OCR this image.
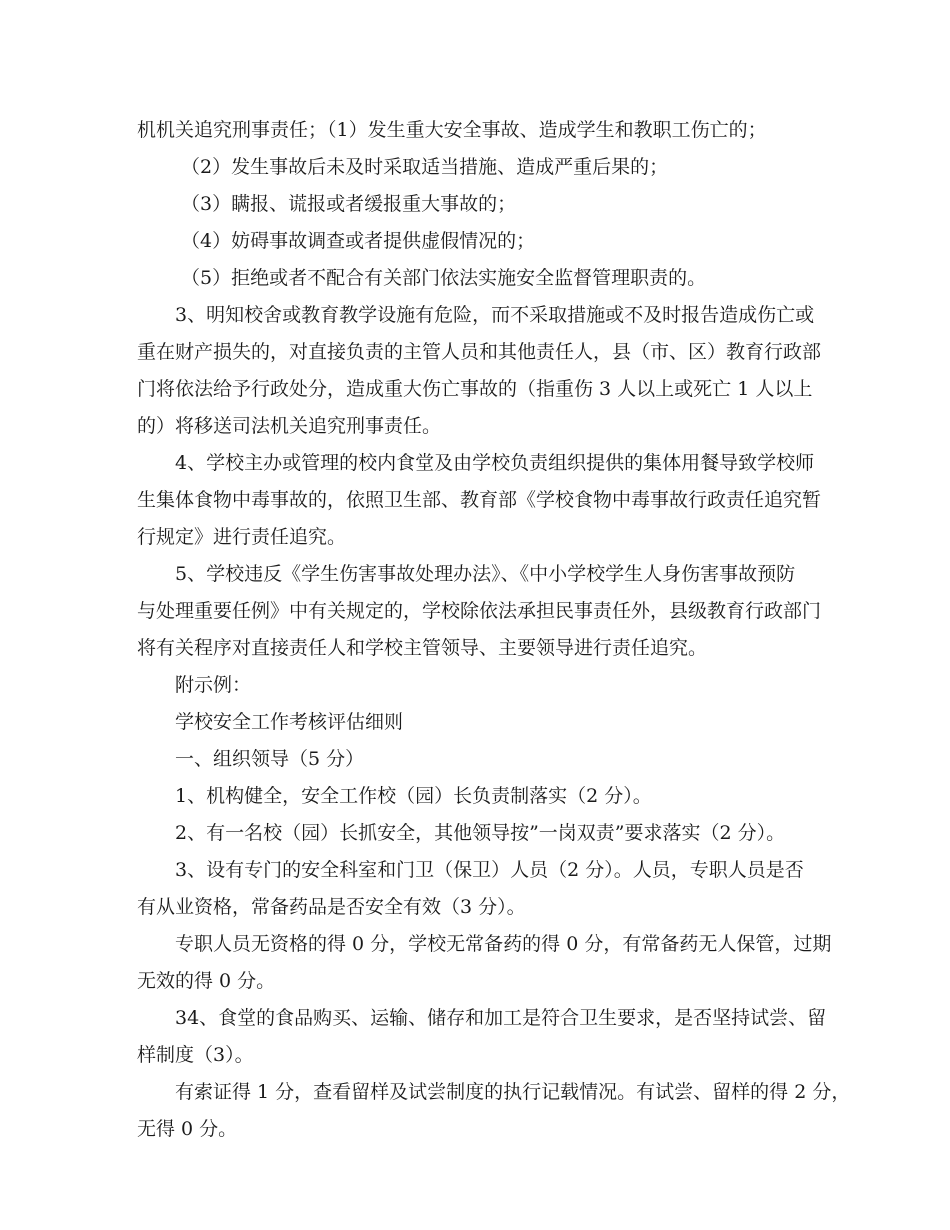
机机关追究刑事责任；（1）发生重大安全事故、造成学生和教职工伤亡的；

（2）发生事故后未及时采取适当措施、造成严重后果的；

（3）瞒报、谎报或者缓报重大事故的；

（4）妨碍事故调查或者提供虚假情况的；

（5）拒绝或者不配合有关部门依法实施安全监督管理职责的。

3、明知校舍或教育教学设施有危险，而不采取措施或不及时报告造成伤亡或

重在财产损失的，对直接负责的主管人员和其他责任人，县（市、区）教育行政部

门将依法给予行政处分，造成重大伤亡事故的（指重伤 3 人以上或死亡 1 人以上

的）将移送司法机关追究刑事责任。

4、学校主办或管理的校内食堂及由学校负责组织提供的集体用餐导致学校师

生集体食物中毒事故的，依照卫生部、教育部《学校食物中毒事故行政责任追究暂

行规定》进行责任追究。

5、学校违反《学生伤害事故处理办法》、《中小学校学生人身伤害事故预防

与处理重要任例》中有关规定的，学校除依法承担民事责任外，县级教育行政部门

将有关程序对直接责任人和学校主管领导、主要领导进行责任追究。

附示例：

学校安全工作考核评估细则

一、组织领导（5 分）

1、机构健全，安全工作校（园）长负责制落实（2 分）。

2、有一名校（园）长抓安全，其他领导按”一岗双责”要求落实（2 分）。

3、设有专门的安全科室和门卫（保卫）人员（2 分）。人员，专职人员是否

有从业资格，常备药品是否安全有效（3 分）。

专职人员无资格的得 0 分，学校无常备药的得 0 分，有常备药无人保管，过期

无效的得 0 分。

34、食堂的食品购买、运输、储存和加工是符合卫生要求，是否坚持试尝、留

样制度（3）。

有索证得 1 分，查看留样及试尝制度的执行记载情况。有试尝、留样的得 2 分，

无得 0 分。
